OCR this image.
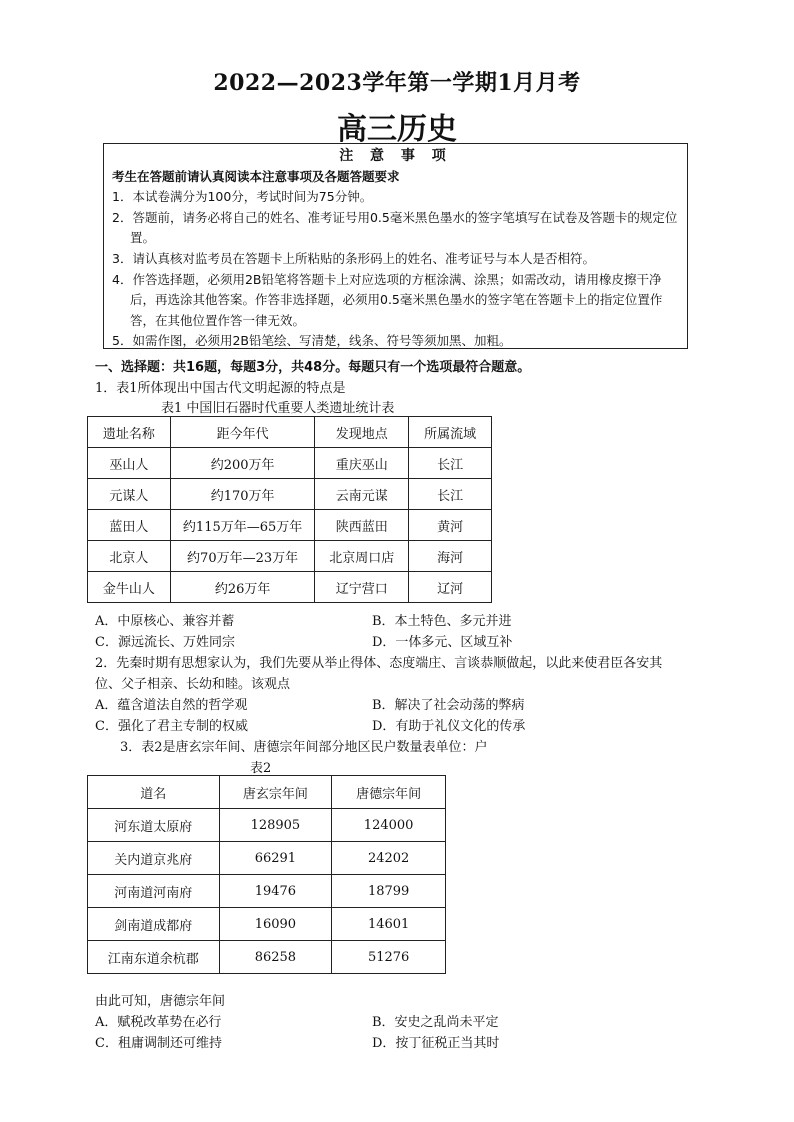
2022—2023学年第一学期1月月考
高三历史
注 意 事 项
考生在答题前请认真阅读本注意事项及各题答题要求
1．本试卷满分为100分，考试时间为75分钟。
2．答题前，请务必将自己的姓名、准考证号用0.5毫米黑色墨水的签字笔填写在试卷及答题卡的规定位置。
3．请认真核对监考员在答题卡上所粘贴的条形码上的姓名、准考证号与本人是否相符。
4．作答选择题，必须用2B铅笔将答题卡上对应选项的方框涂满、涂黑；如需改动，请用橡皮擦干净后，再选涂其他答案。作答非选择题，必须用0.5毫米黑色墨水的签字笔在答题卡上的指定位置作答，在其他位置作答一律无效。
5．如需作图，必须用2B铅笔绘、写清楚，线条、符号等须加黑、加粗。
一、选择题：共16题，每题3分，共48分。每题只有一个选项最符合题意。
1．表1所体现出中国古代文明起源的特点是
表1 中国旧石器时代重要人类遗址统计表
遗址名称	距今年代	发现地点	所属流域
巫山人	约200万年	重庆巫山	长江
元谋人	约170万年	云南元谋	长江
蓝田人	约115万年—65万年	陕西蓝田	黄河
北京人	约70万年—23万年	北京周口店	海河
金牛山人	约26万年	辽宁营口	辽河
A．中原核心、兼容并蓄	B．本土特色、多元并进
C．源远流长、万姓同宗	D．一体多元、区域互补
2．先秦时期有思想家认为，我们先要从举止得体、态度端庄、言谈恭顺做起，以此来使君臣各安其
位、父子相亲、长幼和睦。该观点
A．蕴含道法自然的哲学观	B．解决了社会动荡的弊病
C．强化了君主专制的权威	D．有助于礼仪文化的传承
3．表2是唐玄宗年间、唐德宗年间部分地区民户数量表单位：户
表2
道名	唐玄宗年间	唐德宗年间
河东道太原府	128905	124000
关内道京兆府	66291	24202
河南道河南府	19476	18799
剑南道成都府	16090	14601
江南东道余杭郡	86258	51276
由此可知，唐德宗年间
A．赋税改革势在必行	B．安史之乱尚未平定
C．租庸调制还可维持	D．按丁征税正当其时
